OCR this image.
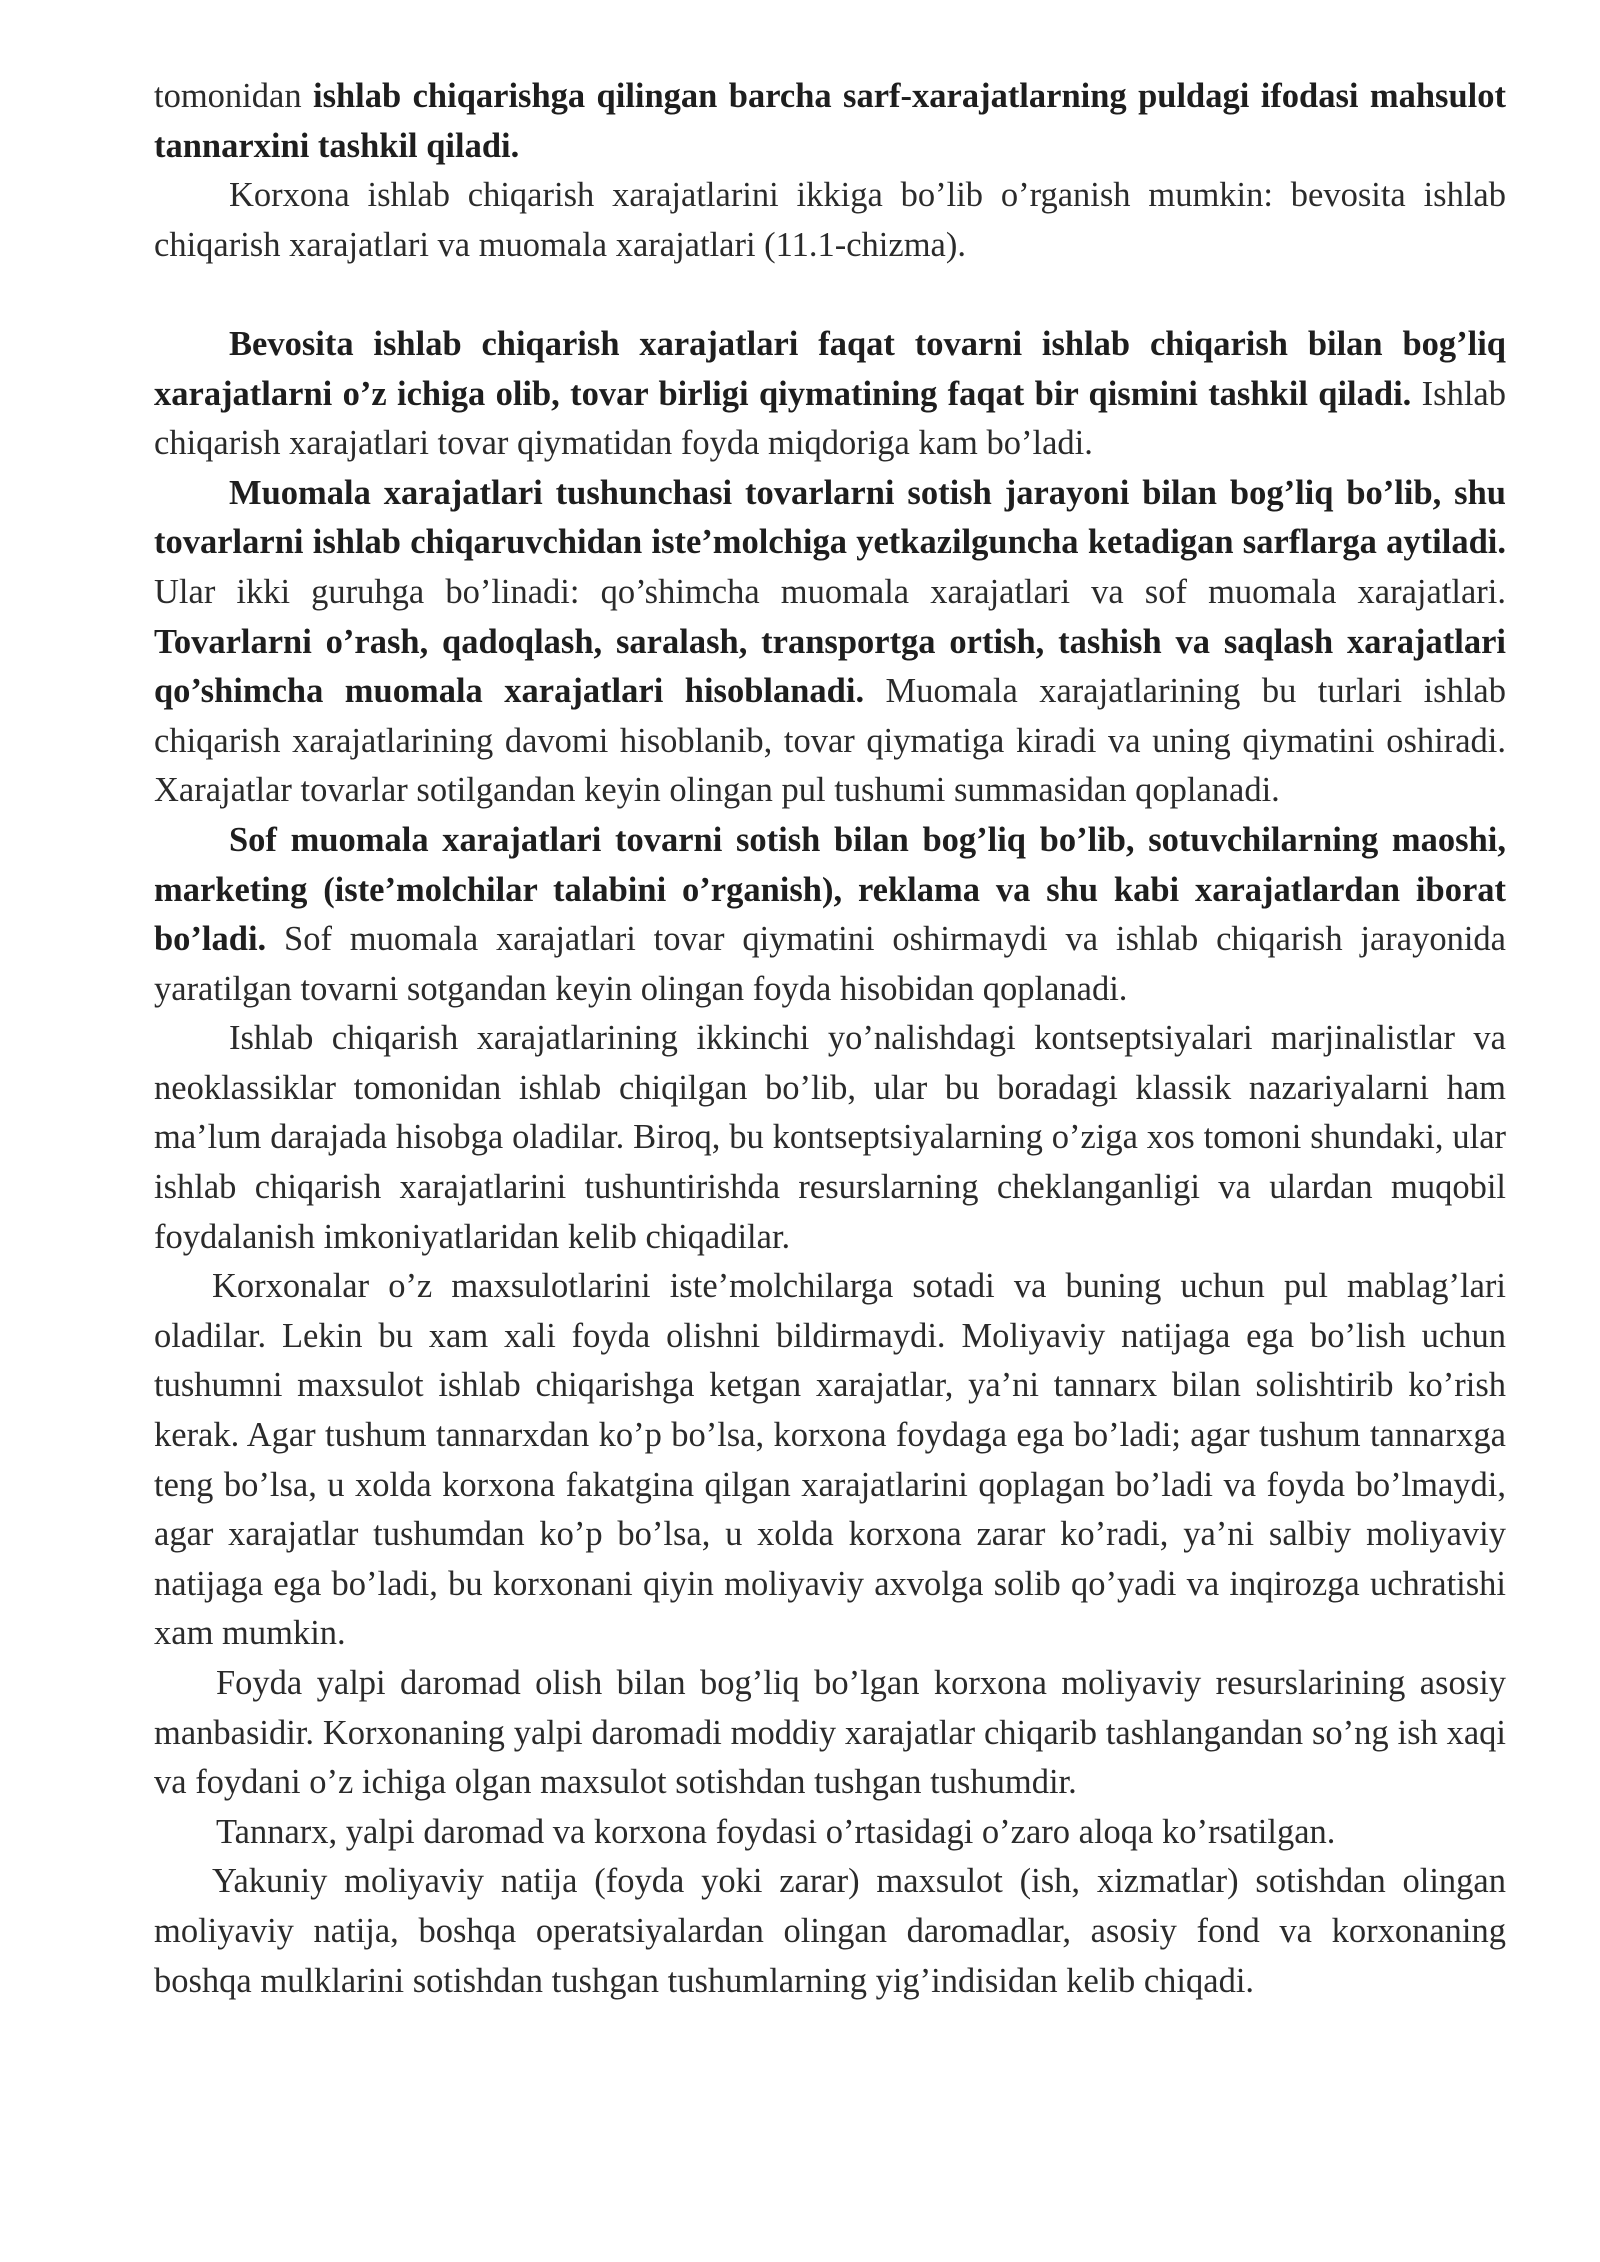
tomonidan ishlab chiqarishga qilingan barcha sarf-xarajatlarning puldagi ifodasi mahsulot tannarxini tashkil qiladi.

Korxona ishlab chiqarish xarajatlarini ikkiga bo’lib o’rganish mumkin: bevosita ishlab chiqarish xarajatlari va muomala xarajatlari (11.1-chizma).

Bevosita ishlab chiqarish xarajatlari faqat tovarni ishlab chiqarish bilan bog’liq xarajatlarni o’z ichiga olib, tovar birligi qiymatining faqat bir qismini tashkil qiladi. Ishlab chiqarish xarajatlari tovar qiymatidan foyda miqdoriga kam bo’ladi.

Muomala xarajatlari tushunchasi tovarlarni sotish jarayoni bilan bog’liq bo’lib, shu tovarlarni ishlab chiqaruvchidan iste’molchiga yetkazilguncha ketadigan sarflarga aytiladi. Ular ikki guruhga bo’linadi: qo’shimcha muomala xarajatlari va sof muomala xarajatlari. Tovarlarni o’rash, qadoqlash, saralash, transportga ortish, tashish va saqlash xarajatlari qo’shimcha muomala xarajatlari hisoblanadi. Muomala xarajatlarining bu turlari ishlab chiqarish xarajatlarining davomi hisoblanib, tovar qiymatiga kiradi va uning qiymatini oshiradi. Xarajatlar tovarlar sotilgandan keyin olingan pul tushumi summasidan qoplanadi.

Sof muomala xarajatlari tovarni sotish bilan bog’liq bo’lib, sotuvchilarning maoshi, marketing (iste’molchilar talabini o’rganish), reklama va shu kabi xarajatlardan iborat bo’ladi. Sof muomala xarajatlari tovar qiymatini oshirmaydi va ishlab chiqarish jarayonida yaratilgan tovarni sotgandan keyin olingan foyda hisobidan qoplanadi.

Ishlab chiqarish xarajatlarining ikkinchi yo’nalishdagi kontseptsiyalari marjinalistlar va neoklassiklar tomonidan ishlab chiqilgan bo’lib, ular bu boradagi klassik nazariyalarni ham ma’lum darajada hisobga oladilar. Biroq, bu kontseptsiyalarning o’ziga xos tomoni shundaki, ular ishlab chiqarish xarajatlarini tushuntirishda resurslarning cheklanganligi va ulardan muqobil foydalanish imkoniyatlaridan kelib chiqadilar.

Korxonalar o’z maxsulotlarini iste’molchilarga sotadi va buning uchun pul mablag’lari oladilar. Lekin bu xam xali foyda olishni bildirmaydi. Moliyaviy natijaga ega bo’lish uchun tushumni maxsulot ishlab chiqarishga ketgan xarajatlar, ya’ni tannarx bilan solishtirib ko’rish kerak. Agar tushum tannarxdan ko’p bo’lsa, korxona foydaga ega bo’ladi; agar tushum tannarxga teng bo’lsa, u xolda korxona fakatgina qilgan xarajatlarini qoplagan bo’ladi va foyda bo’lmaydi, agar xarajatlar tushumdan ko’p bo’lsa, u xolda korxona zarar ko’radi, ya’ni salbiy moliyaviy natijaga ega bo’ladi, bu korxonani qiyin moliyaviy axvolga solib qo’yadi va inqirozga uchratishi xam mumkin.

Foyda yalpi daromad olish bilan bog’liq bo’lgan korxona moliyaviy resurslarining asosiy manbasidir. Korxonaning yalpi daromadi moddiy xarajatlar chiqarib tashlangandan so’ng ish xaqi va foydani o’z ichiga olgan maxsulot sotishdan tushgan tushumdir.

Tannarx, yalpi daromad va korxona foydasi o’rtasidagi o’zaro aloqa ko’rsatilgan.

Yakuniy moliyaviy natija (foyda yoki zarar) maxsulot (ish, xizmatlar) sotishdan olingan moliyaviy natija, boshqa operatsiyalardan olingan daromadlar, asosiy fond va korxonaning boshqa mulklarini sotishdan tushgan tushumlarning yig’indisidan kelib chiqadi.
